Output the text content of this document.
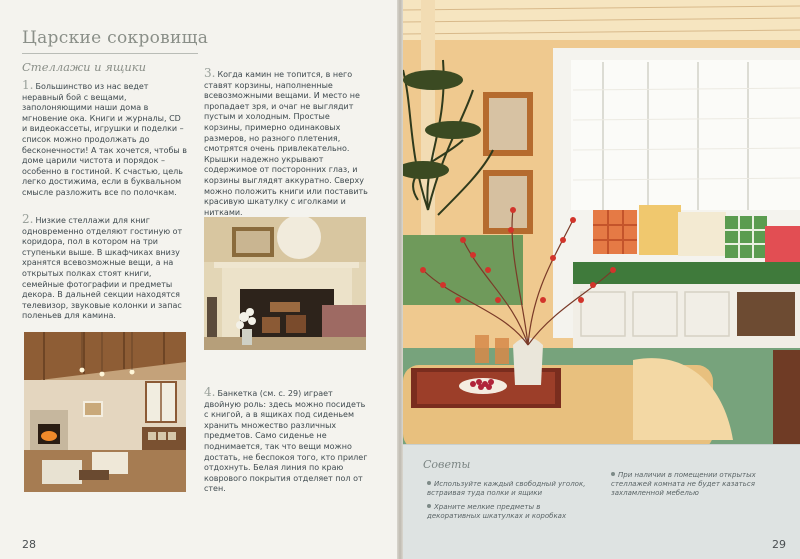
Царские сокровища
Стеллажи и ящики
1. Большинство из нас ведет неравный бой с вещами, заполоняющими наши дома в мгновение ока. Книги и журналы, CD и видеокассеты, игрушки и поделки – список можно продолжать до бесконечности! А так хочется, чтобы в доме царили чистота и порядок – особенно в гостиной. К счастью, цель легко достижима, если в буквальном смысле разложить все по полочкам.
2. Низкие стеллажи для книг одновременно отделяют гостиную от коридора, пол в котором на три ступеньки выше. В шкафчиках внизу хранятся всевозможные вещи, а на открытых полках стоят книги, семейные фотографии и предметы декора. В дальней секции находятся телевизор, звуковые колонки и запас поленьев для камина.
3. Когда камин не топится, в него ставят корзины, наполненные всевозможными вещами. И место не пропадает зря, и очаг не выглядит пустым и холодным. Простые корзины, примерно одинаковых размеров, но разного плетения, смотрятся очень привлекательно. Крышки надежно укрывают содержимое от посторонних глаз, и корзины выглядят аккуратно. Сверху можно положить книги или поставить красивую шкатулку с иголками и нитками.
4. Банкетка (см. с. 29) играет двойную роль: здесь можно посидеть с книгой, а в ящиках под сиденьем хранить множество различных предметов. Само сиденье не поднимается, так что вещи можно достать, не беспокоя того, кто прилег отдохнуть. Белая линия по краю коврового покрытия отделяет пол от стен.
28
Советы
Используйте каждый свободный уголок, встраивая туда полки и ящики
Храните мелкие предметы в декоративных шкатулках и коробках
При наличии в помещении открытых стеллажей комната не будет казаться захламленной мебелью
29
